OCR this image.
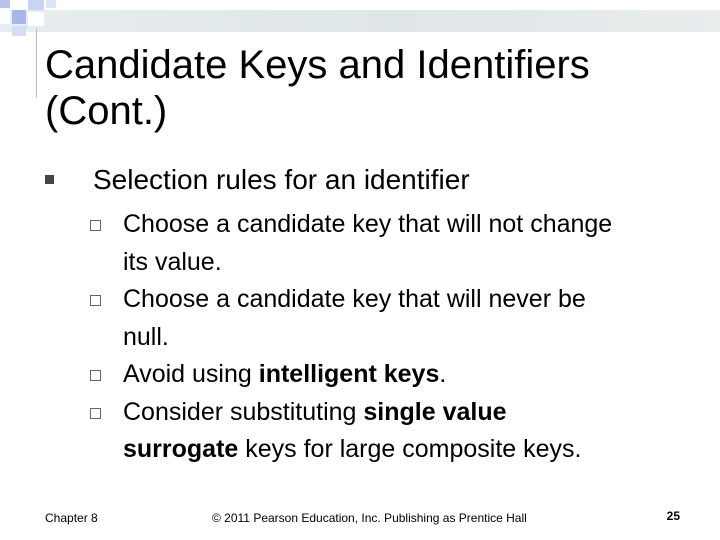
Candidate Keys and Identifiers
(Cont.)
Selection rules for an identifier
Choose a candidate key that will not change
its value.
Choose a candidate key that will never be
null.
Avoid using intelligent keys.
Consider substituting single value
surrogate keys for large composite keys.
Chapter 8	© 2011 Pearson Education, Inc. Publishing as Prentice Hall	25
